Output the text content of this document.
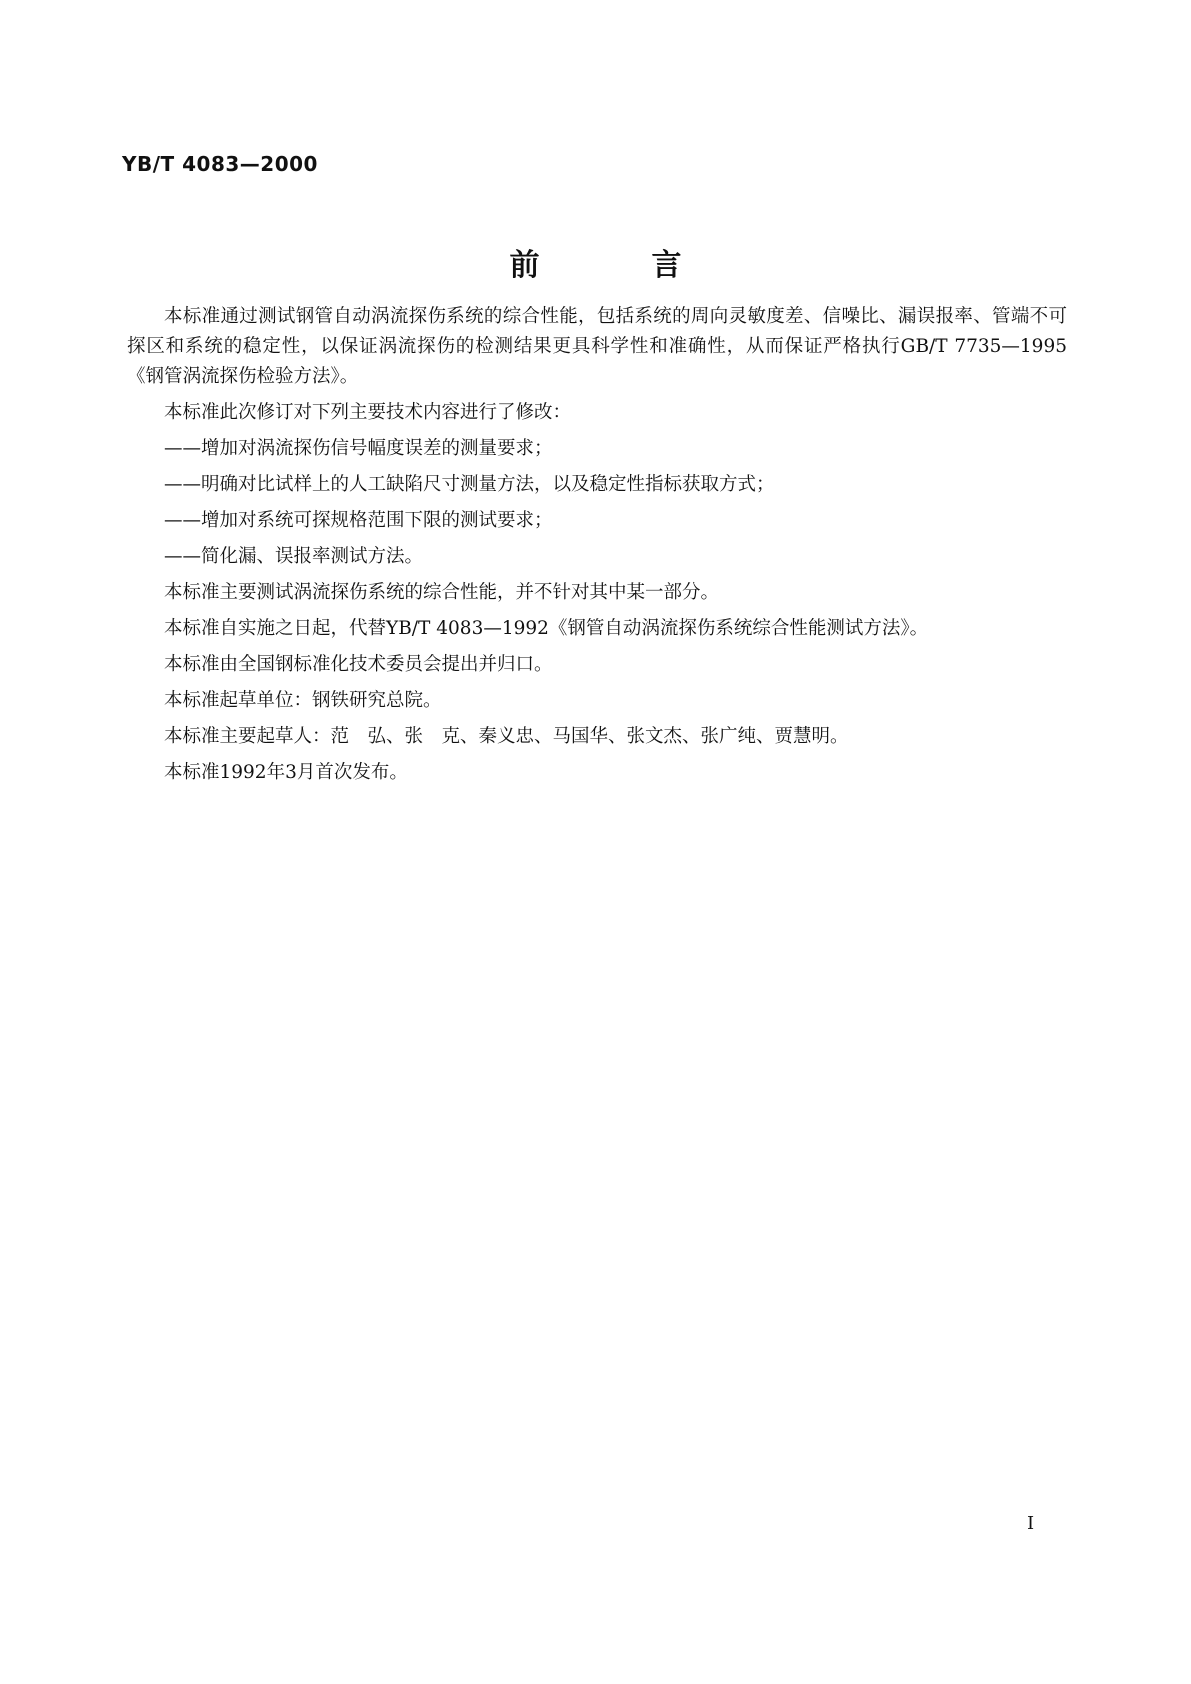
YB/T 4083—2000
前言

本标准通过测试钢管自动涡流探伤系统的综合性能，包括系统的周向灵敏度差、信噪比、漏误报率、管端不可探区和系统的稳定性，以保证涡流探伤的检测结果更具科学性和准确性，从而保证严格执行GB/T 7735—1995《钢管涡流探伤检验方法》。

本标准此次修订对下列主要技术内容进行了修改：

——增加对涡流探伤信号幅度误差的测量要求；

——明确对比试样上的人工缺陷尺寸测量方法，以及稳定性指标获取方式；

——增加对系统可探规格范围下限的测试要求；

——简化漏、误报率测试方法。

本标准主要测试涡流探伤系统的综合性能，并不针对其中某一部分。

本标准自实施之日起，代替YB/T 4083—1992《钢管自动涡流探伤系统综合性能测试方法》。

本标准由全国钢标准化技术委员会提出并归口。

本标准起草单位：钢铁研究总院。

本标准主要起草人：范　弘、张　克、秦义忠、马国华、张文杰、张广纯、贾慧明。

本标准1992年3月首次发布。

I
